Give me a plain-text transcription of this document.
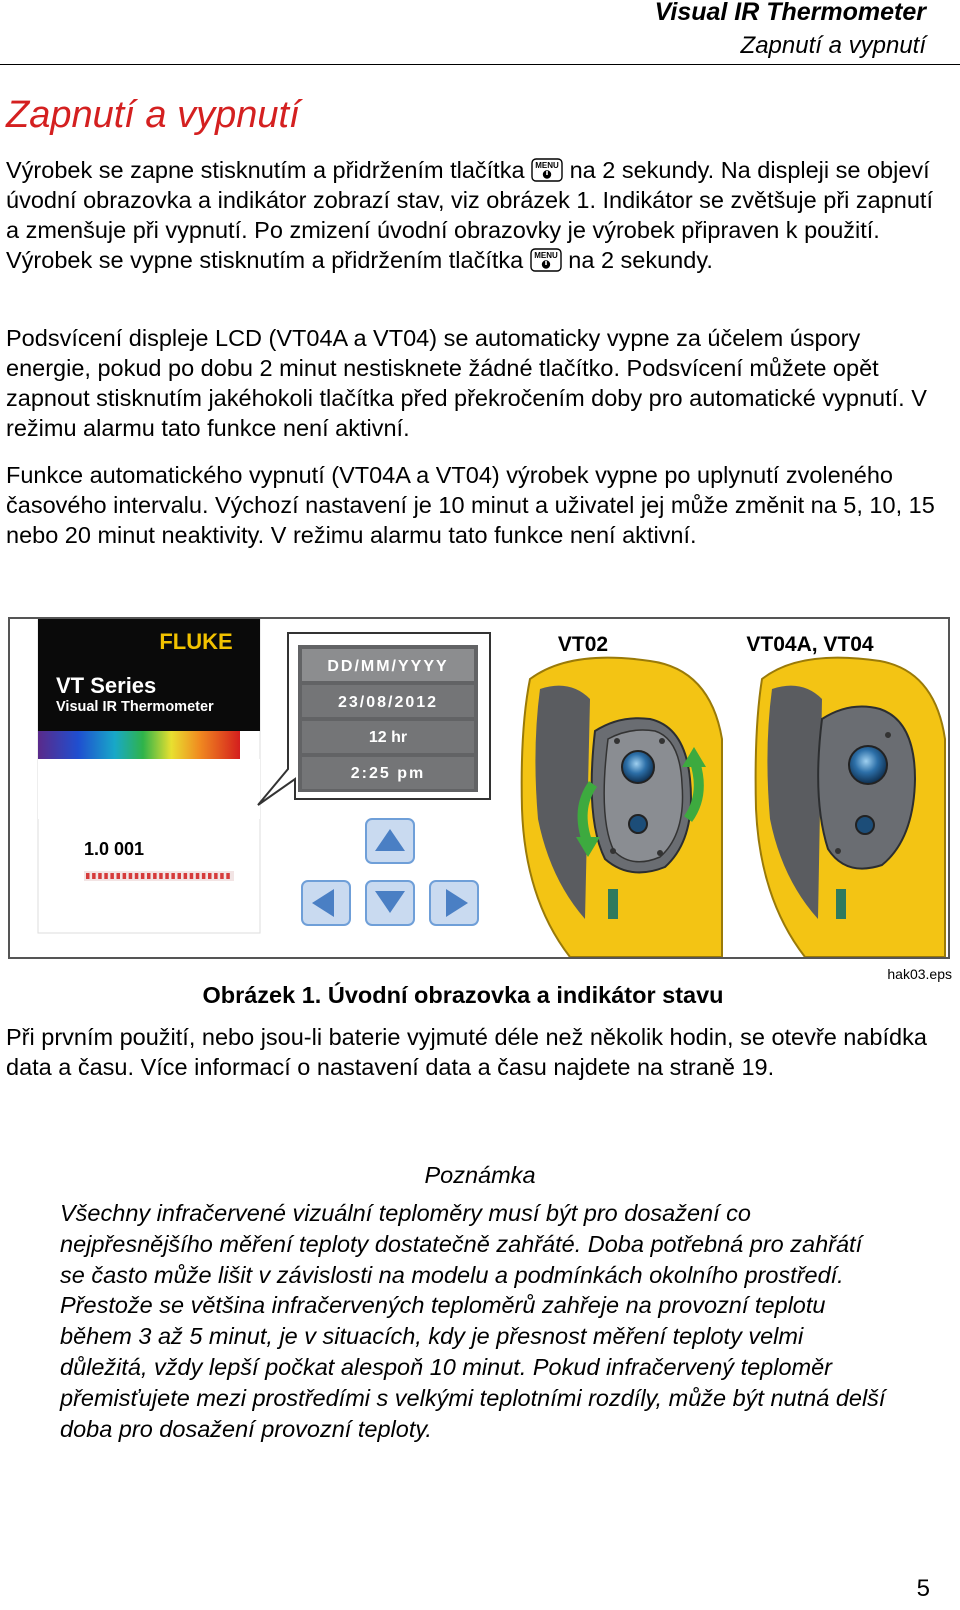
Visual IR Thermometer
Zapnutí a vypnutí
Zapnutí a vypnutí

Výrobek se zapne stisknutím a přidržením tlačítka MENU na 2 sekundy. Na displeji se objeví úvodní obrazovka a indikátor zobrazí stav, viz obrázek 1. Indikátor se zvětšuje při zapnutí a zmenšuje při vypnutí. Po zmizení úvodní obrazovky je výrobek připraven k použití. Výrobek se vypne stisknutím a přidržením tlačítka MENU na 2 sekundy.

Podsvícení displeje LCD (VT04A a VT04) se automaticky vypne za účelem úspory energie, pokud po dobu 2 minut nestisknete žádné tlačítko. Podsvícení můžete opět zapnout stisknutím jakéhokoli tlačítka před překročením doby pro automatické vypnutí. V režimu alarmu tato funkce není aktivní.

Funkce automatického vypnutí (VT04A a VT04) výrobek vypne po uplynutí zvoleného časového intervalu. Výchozí nastavení je 10 minut a uživatel jej může změnit na 5, 10, 15 nebo 20 minut neaktivity. V režimu alarmu tato funkce není aktivní.

FLUKE
VT Series
Visual IR Thermometer
1.0 001
DD/MM/YYYY
23/08/2012
12 hr
2:25 pm
VT02	VT04A, VT04
Obrázek 1. Úvodní obrazovka a indikátor stavu
hak03.eps

Při prvním použití, nebo jsou-li baterie vyjmuté déle než několik hodin, se otevře nabídka data a času. Více informací o nastavení data a času najdete na straně 19.

Poznámka

Všechny infračervené vizuální teploměry musí být pro dosažení co nejpřesnějšího měření teploty dostatečně zahřáté. Doba potřebná pro zahřátí se často může lišit v závislosti na modelu a podmínkách okolního prostředí. Přestože se většina infračervených teploměrů zahřeje na provozní teplotu během 3 až 5 minut, je v situacích, kdy je přesnost měření teploty velmi důležitá, vždy lepší počkat alespoň 10 minut. Pokud infračervený teploměr přemisťujete mezi prostředími s velkými teplotními rozdíly, může být nutná delší doba pro dosažení provozní teploty.

5
